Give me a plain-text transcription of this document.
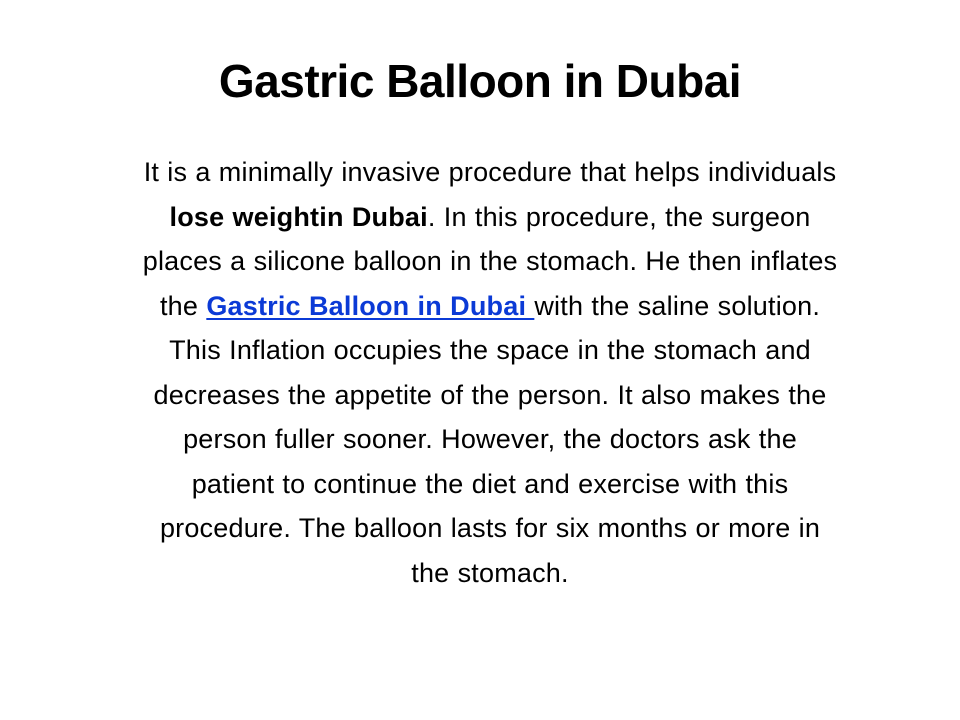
Gastric Balloon in Dubai
It is a minimally invasive procedure that helps individuals
lose weightin Dubai. In this procedure, the surgeon
places a silicone balloon in the stomach. He then inflates
the Gastric Balloon in Dubai with the saline solution.
This Inflation occupies the space in the stomach and
decreases the appetite of the person. It also makes the
person fuller sooner. However, the doctors ask the
patient to continue the diet and exercise with this
procedure. The balloon lasts for six months or more in
the stomach.
